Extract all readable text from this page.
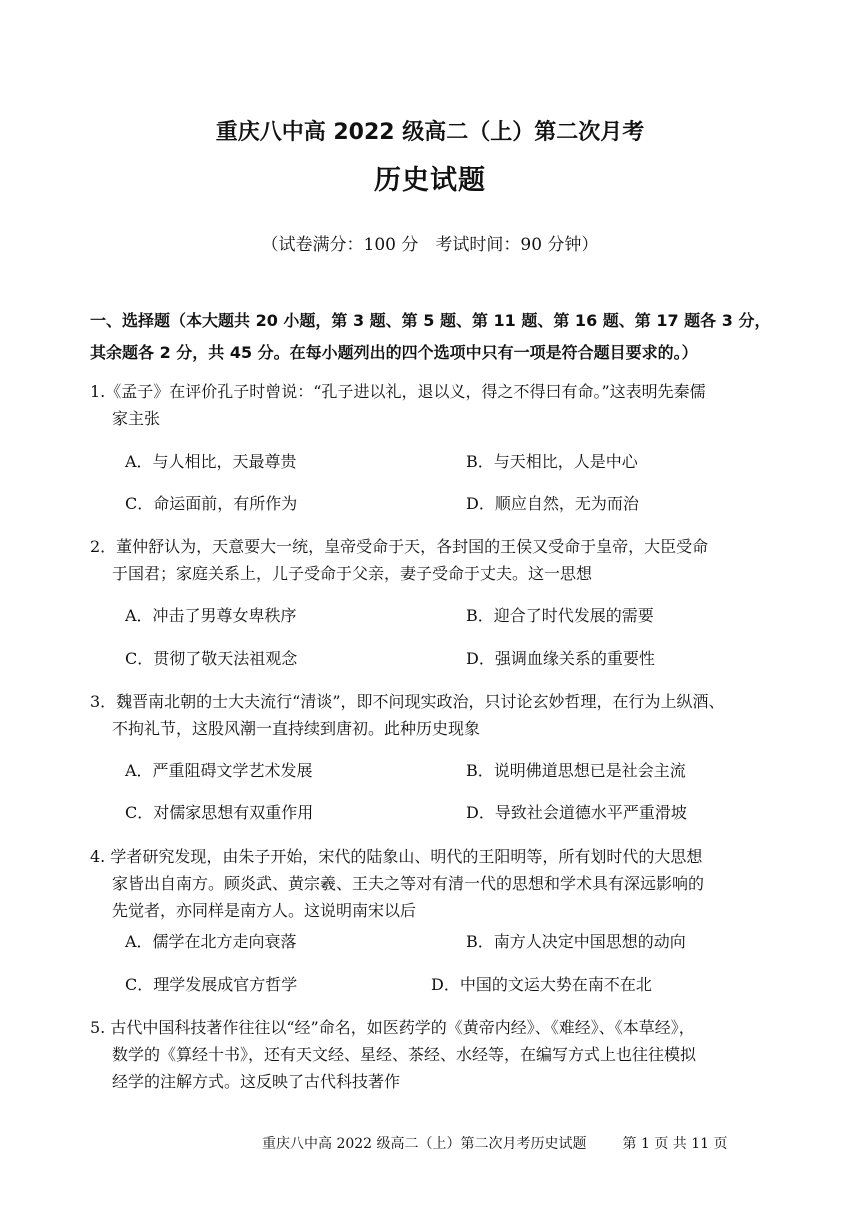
重庆八中高 2022 级高二（上）第二次月考
历史试题
（试卷满分：100 分　考试时间：90 分钟）
一、选择题（本大题共 20 小题，第 3 题、第 5 题、第 11 题、第 16 题、第 17 题各 3 分，
其余题各 2 分，共 45 分。在每小题列出的四个选项中只有一项是符合题目要求的。）
1.《孟子》在评价孔子时曾说：“孔子进以礼，退以义，得之不得曰有命。”这表明先秦儒
家主张
A．与人相比，天最尊贵	B．与天相比，人是中心
C．命运面前，有所作为	D．顺应自然，无为而治
2．董仲舒认为，天意要大一统，皇帝受命于天，各封国的王侯又受命于皇帝，大臣受命
于国君；家庭关系上，儿子受命于父亲，妻子受命于丈夫。这一思想
A．冲击了男尊女卑秩序	B．迎合了时代发展的需要
C．贯彻了敬天法祖观念	D．强调血缘关系的重要性
3．魏晋南北朝的士大夫流行“清谈”，即不问现实政治，只讨论玄妙哲理，在行为上纵酒、
不拘礼节，这股风潮一直持续到唐初。此种历史现象
A．严重阻碍文学艺术发展	B．说明佛道思想已是社会主流
C．对儒家思想有双重作用	D．导致社会道德水平严重滑坡
4. 学者研究发现，由朱子开始，宋代的陆象山、明代的王阳明等，所有划时代的大思想
家皆出自南方。顾炎武、黄宗羲、王夫之等对有清一代的思想和学术具有深远影响的
先觉者，亦同样是南方人。这说明南宋以后
A．儒学在北方走向衰落	B．南方人决定中国思想的动向
C．理学发展成官方哲学	D．中国的文运大势在南不在北
5. 古代中国科技著作往往以“经”命名，如医药学的《黄帝内经》、《难经》、《本草经》，
数学的《算经十书》，还有天文经、星经、茶经、水经等，在编写方式上也往往模拟
经学的注解方式。这反映了古代科技著作
重庆八中高 2022 级高二（上）第二次月考历史试题	第 1 页 共 11 页
